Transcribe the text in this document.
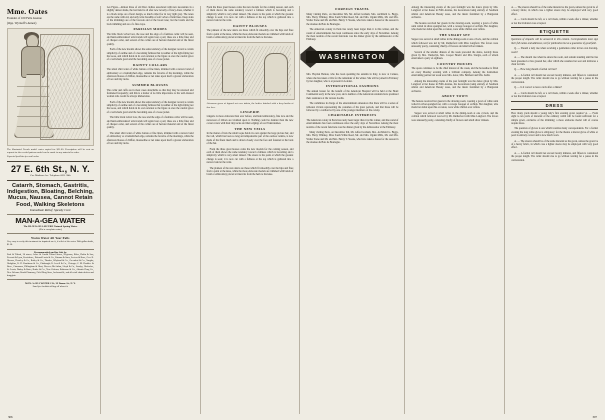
Mme. Oates
Founder of 100 Falls Avenue
(Opp. Wyckoff's Annex)
The illustrated French model water copied for $21.00. Description will be sent on request for the needed pattern model can be made in any material to order.
Especial facilities for mail order.
27 E. 6th St., N. Y.
Cor. Madison Ave. Telephone 6051 38th
Catarrh, Stomach, Gastritis, Indigestion, Bloating, Belching, Mucus, Nausea, Cannot Retain Food, Walking Skeletons
Immediate Relief, Speedy Cure
MAN-A-GEA WATER
The BLAVO-GEA-SICURE Natural Spring Water
(Not a complete water)
Warm Water All Year Palls
Very easy to verify this treatment for impaired use it, if relief of the water. Half-gallon bottle, $1.50.
Recommended and for Sale by
Park & Tilford, 20 stores; Acker & Condit Tilford Stores, Hegeman, Riker, Dakin & Son, Prescott & Lyon, Providence, Edward Lavin & Co., Putnam & Sons, Lecters & Bros., Geo. R. Hermes, Hensley & Co., Bailey & Co., Thurber, Whyland & Co., Greenleaf & Co., Vaughn, Hodgkins, R. D. Kauffman & Co., Pittsburgh; R. Jewell & Co., Chicago; C. M. Dunklee & Bros., Cinnamon, Dillingham & Hunt, Denver; McArthur, Lloyd & Co., Sandys, Horlocker, St. Louis; Danby & Bates, Butler & Co., New Orleans; Robinson & Co., Atlantic Drug Co., New Orleans; Booth Pharmacy, Field Drug Store, Jacksonville, and all retail chain dealers and druggists.
MAN-A-GEA WATER CO., 32 Duane St., N. Y.
Send for booklet telling all about it.

Les Figaro—Almost three of old Dior clothes associated with new necessities in a slightly denser shade, the last hand is all after new novelty of fancy-dress, whether it is a black stripe on a floral design, so much called for in very light gray. The tones are the same with old, and only wide breadths of soft velvet of faint hues. Deep sides of the trimmings are of the brocade and of the broad tone; but the braids and the back trimming and are of a fine crepe.

PARISIAN MODES

The little black velvet bow, the rose and the edge of a faultless collar will be seen, and hand-embroidered wrist-bands will again bear a part; these are a little finer and of cheaper order, and several of the collars are of heavier material and of the finest quality.

Each of the new models shows the same tendency of the designer toward a certain simplicity of outline and of a becoming fullness that is neither of the tight-fitting nor the loose, and which holds in its own relation to the figure at once the careful grace of a well-made gown and the becoming ease of a loose jacket.

DAINTY COLLARS

The smart shirt waist of white batiste or fine linen, trimmed with a narrow band of embroidery or a hemstitched edge, remains the favorite of the mornings, while the afternoon blouse of chiffon, mousseline or net takes upon itself a greater elaboration of lace and tiny tucks.

SUMMER BLOUSES

The collar and cuffs are in most cases detachable so that they may be renewed and freshened frequently; and this is a matter of no little importance to the well-dressed woman who would be always immaculate.

Each of the new models shows the same tendency of the designer toward a certain simplicity of outline and of a becoming fullness that is neither of the tight-fitting nor the loose, and which holds in its own relation to the figure at once the careful grace of a well-made gown and the becoming ease of a loose jacket.

The little black velvet bow, the rose and the edge of a faultless collar will be seen, and hand-embroidered wrist-bands will again bear a part; these are a little finer and of cheaper order, and several of the collars are of heavier material and of the finest quality.

The smart shirt waist of white batiste or fine linen, trimmed with a narrow band of embroidery or a hemstitched edge, remains the favorite of the mornings, while the afternoon blouse of chiffon, mousseline or net takes upon itself a greater elaboration of lace and tiny tucks.

From the three great houses come the new models for the coming season, and each of them shows the same tendency toward a fullness which is becoming and a simplicity which is very smart indeed. The sleeve is the point at which the greatest change is seen; it is now cut with a fullness at the top which is gathered into a narrow band at the wrist.

DAINTY BLOUSES

The plainest of the new skirts are those which fit smoothly over the hips and flare from a point at the knee, while the more elaborate models are trimmed with bands of braid or embroidery placed at intervals from the hem to the knee.

Afternoon gown of figured net over taffeta, the bodice finished with a deep bertha of fine lace.
LINGERIE

Lingerie is more elaborate than ever before, and hand embroidery, fine lace and the narrowest of ribbon are lavished upon it. Nothing could be daintier than the new corset covers with their tiny tucks and their edgings of real Valenciennes.

THE NEW VEILS

In the matter of hats the small toque holds its own against the large picture hat; and the veil, which has been so long an indispensable part of the outdoor toilette, is now made of the finest mesh and is drawn closely over the face and fastened at the back of the hat.

From the three great houses come the new models for the coming season, and each of them shows the same tendency toward a fullness which is becoming and a simplicity which is very smart indeed. The sleeve is the point at which the greatest change is seen; it is now cut with a fullness at the top which is gathered into a narrow band at the wrist.

The plainest of the new skirts are those which fit smoothly over the hips and flare from a point at the knee, while the more elaborate models are trimmed with bands of braid or embroidery placed at intervals from the hem to the knee.

FOREIGN TRAVEL

Many visiting Paris, on December 6th, Mr. Alfred Graham, Mrs. Archibald G. Biggs, Mrs. Harry Whitney, Miss Sarah White Reed, Mr. and Mrs. Ogden Mills, Mr. and Mrs. Walter Stone and Mr. and Mrs. Henry T. Sloane, who have taken a house for the season in the Avenue du Bois de Boulogne.

The American colony in Paris has rarely been larger than it is this winter, and the round of entertainments has been continuous since the early days of November. Among the most notable of the recent functions was the dinner given by the Ambassador at the Embassy.

WASHINGTON

Mrs. Hayden Benton, who has been spending the autumn in Italy, is now at Cannes, where she has taken a villa for the remainder of the winter. She will be joined in February by her daughter, who is at present in London.

INTERNATIONAL FASHIONS

The annual bazaar for the benefit of the American Hospital will be held at the Hotel Continental early in the new year, and a number of the American residents have promised their assistance at the various booths.

The committee in charge of the entertainment announces that there will be a series of tableaux vivants representing the costumes of the great periods, and that these will be followed by a cotillon led by one of the younger members of the colony.

CHARITABLE INTERESTS

The American colony in Paris has rarely been larger than it is this winter, and the round of entertainments has been continuous since the early days of November. Among the most notable of the recent functions was the dinner given by the Ambassador at the Embassy.

Many visiting Paris, on December 6th, Mr. Alfred Graham, Mrs. Archibald G. Biggs, Mrs. Harry Whitney, Miss Sarah White Reed, Mr. and Mrs. Ogden Mills, Mr. and Mrs. Walter Stone and Mr. and Mrs. Henry T. Sloane, who have taken a house for the season in the Avenue du Bois de Boulogne.

Among the interesting events of the past fortnight was the dance given by Mrs. Langford at her house in Fifth Avenue, the decorations being entirely of Southern smilax and American Beauty roses, and the music furnished by a Hungarian orchestra.

The hostess received her guests in the drawing-room, wearing a gown of white satin veiled in silver-spangled net, with a corsage bouquet of orchids. Her daughter, who made her debut upon this occasion, wore white chiffon over taffeta.

THE SMART SET

Supper was served at small tables in the dining-room at one o'clock, and the cotillon which followed was led by Mr. Rutherford with Miss Langford. The favors were unusually pretty, consisting chiefly of flowers and small silver trinkets.

Several of the smaller dinners of the week preceded the dance, notably those given by Mrs. Vanderlyn, Mrs. Cooper Hewitt and Mrs. Sturgis, each of whom entertained a party of eighteen.

COUNTRY HOUSES

The opera continues to be the chief interest of the week, and the horseshoe is filled on every Monday evening with a brilliant company. Among the boxholders entertaining parties last week were Mrs. Astor, Mrs. Belmont and Mrs. Iselin.

Among the interesting events of the past fortnight was the dance given by Mrs. Langford at her house in Fifth Avenue, the decorations being entirely of Southern smilax and American Beauty roses, and the music furnished by a Hungarian orchestra.

ABOUT TOWN

The hostess received her guests in the drawing-room, wearing a gown of white satin veiled in silver-spangled net, with a corsage bouquet of orchids. Her daughter, who made her debut upon this occasion, wore white chiffon over taffeta.

Supper was served at small tables in the dining-room at one o'clock, and the cotillon which followed was led by Mr. Rutherford with Miss Langford. The favors were unusually pretty, consisting chiefly of flowers and small silver trinkets.

A. — The sleeves should be of the same material as the gown, unless the gown be of a heavy fabric, in which case a lighter sleeve may be employed with very good effect.

A. — Cards should be left, or a call made, within a week after a dinner, whether or not the invitation was accepted.

ETIQUETTE

Questions of etiquette will be answered in this column. Correspondents must sign their full names and addresses, not for publication but as a guarantee of good faith.

Q. — Should a lady rise when receiving a gentleman caller in her own drawing-room?

A. — She should rise when he enters the room, and remain standing until he has been presented or has greeted her, after which she resumes her seat and indicates a chair for him.

Q. — How long should a formal call last?

A. — A formal call should not exceed twenty minutes, and fifteen is considered the proper length. The caller should rise to go without waiting for a pause in the conversation.

Q. — Is it correct to leave cards after a dinner?

A. — Cards should be left, or a call made, within a week after a dinner, whether or not the invitation was accepted.

DRESS

How many yards should a young lady's first evening gown require? A. — From eight to ten yards of material of the ordinary width will be found sufficient for a simple gown, exclusive of the trimming; a more elaborate model will of course require more.

The question of gloves is one which troubles many correspondents. For a formal evening the long white glove is obligatory; for the theatre a shorter glove of white or pearl is entirely correct and is now much worn.

A. — The sleeves should be of the same material as the gown, unless the gown be of a heavy fabric, in which case a lighter sleeve may be employed with very good effect.

A. — A formal call should not exceed twenty minutes, and fifteen is considered the proper length. The caller should rise to go without waiting for a pause in the conversation.

306	307
